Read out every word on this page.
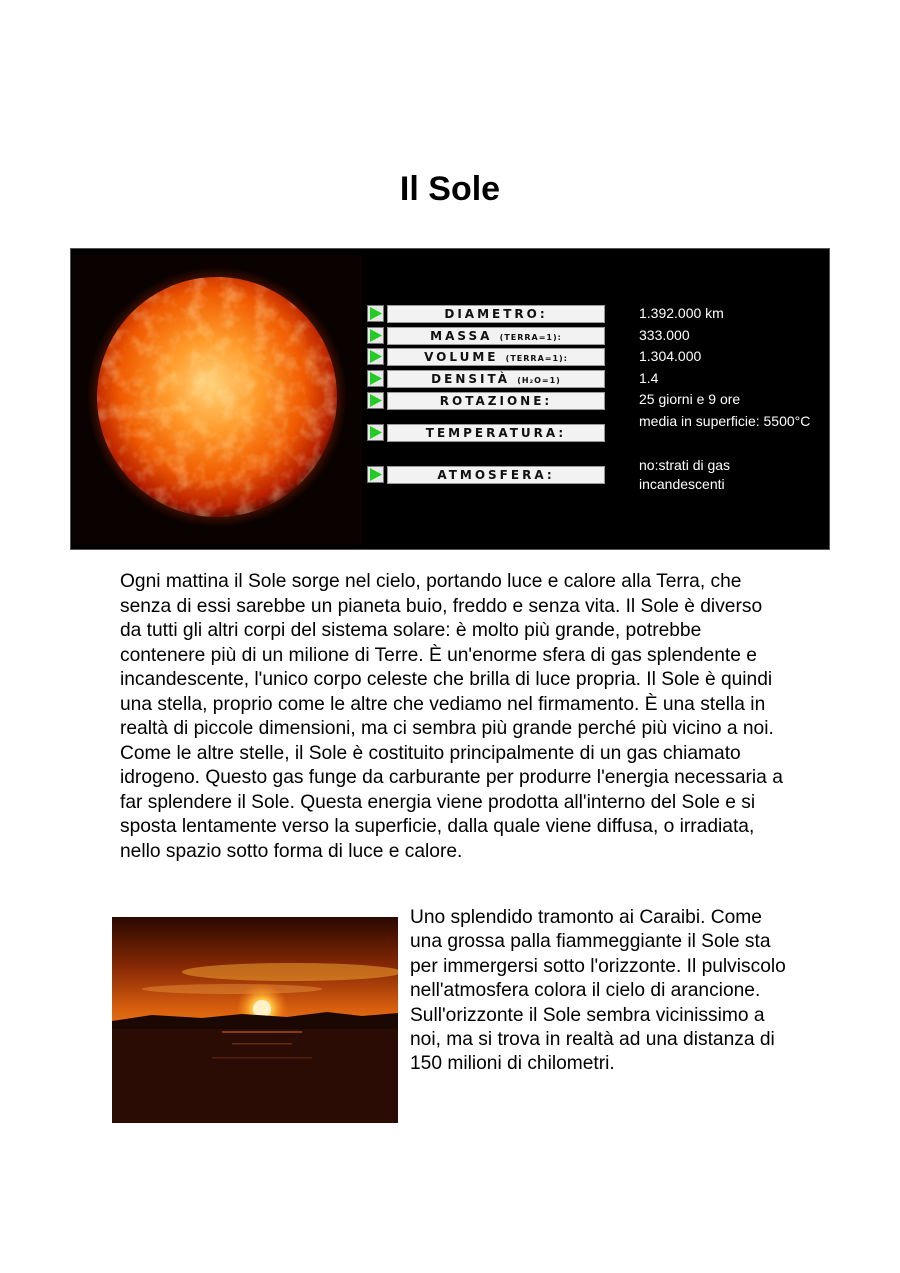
Il Sole
DIAMETRO:	1.392.000 km
MASSA (TERRA=1):	333.000
VOLUME (TERRA=1):	1.304.000
DENSITÀ (H₂O=1)	1.4
ROTAZIONE:	25 giorni e 9 ore
TEMPERATURA:
media in superficie: 5500°C
ATMOSFERA:
no:strati di gas incandescenti
Ogni mattina il Sole sorge nel cielo, portando luce e calore alla Terra, che senza di essi sarebbe un pianeta buio, freddo e senza vita. Il Sole è diverso da tutti gli altri corpi del sistema solare: è molto più grande, potrebbe contenere più di un milione di Terre. È un'enorme sfera di gas splendente e incandescente, l'unico corpo celeste che brilla di luce propria. Il Sole è quindi una stella, proprio come le altre che vediamo nel firmamento. È una stella in realtà di piccole dimensioni, ma ci sembra più grande perché più vicino a noi. Come le altre stelle, il Sole è costituito principalmente di un gas chiamato idrogeno. Questo gas funge da carburante per produrre l'energia necessaria a far splendere il Sole. Questa energia viene prodotta all'interno del Sole e si sposta lentamente verso la superficie, dalla quale viene diffusa, o irradiata, nello spazio sotto forma di luce e calore.
Uno splendido tramonto ai Caraibi. Come una grossa palla fiammeggiante il Sole sta per immergersi sotto l'orizzonte. Il pulviscolo nell'atmosfera colora il cielo di arancione. Sull'orizzonte il Sole sembra vicinissimo a noi, ma si trova in realtà ad una distanza di 150 milioni di chilometri.
